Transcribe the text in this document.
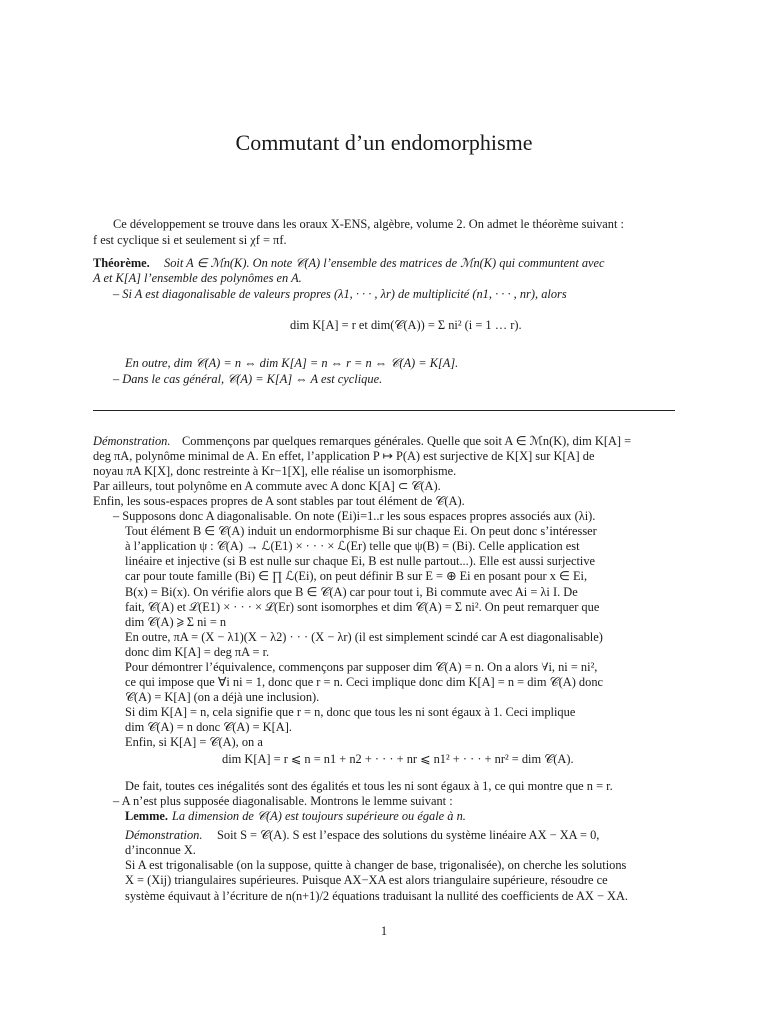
Commutant d’un endomorphisme
Ce développement se trouve dans les oraux X-ENS, algèbre, volume 2. On admet le théorème suivant :
f est cyclique si et seulement si χf = πf.
Théorème. Soit A ∈ ℳn(K). On note 𝒞(A) l’ensemble des matrices de ℳn(K) qui communtent avec
A et K[A] l’ensemble des polynômes en A.
– Si A est diagonalisable de valeurs propres (λ1, · · · , λr) de multiplicité (n1, · · · , nr), alors
dim K[A] = r et dim(𝒞(A)) = Σ ni² (i = 1 … r).
En outre, dim 𝒞(A) = n ⇔ dim K[A] = n ⇔ r = n ⇔ 𝒞(A) = K[A].
– Dans le cas général, 𝒞(A) = K[A] ⇔ A est cyclique.
Démonstration. Commençons par quelques remarques générales. Quelle que soit A ∈ ℳn(K), dim K[A] =
deg πA, polynôme minimal de A. En effet, l’application P ↦ P(A) est surjective de K[X] sur K[A] de
noyau πA K[X], donc restreinte à Kr−1[X], elle réalise un isomorphisme.
Par ailleurs, tout polynôme en A commute avec A donc K[A] ⊂ 𝒞(A).
Enfin, les sous-espaces propres de A sont stables par tout élément de 𝒞(A).
– Supposons donc A diagonalisable. On note (Ei)i=1..r les sous espaces propres associés aux (λi).
Tout élément B ∈ 𝒞(A) induit un endormorphisme Bi sur chaque Ei. On peut donc s’intéresser
à l’application ψ : 𝒞(A) → ℒ(E1) × · · · × ℒ(Er) telle que ψ(B) = (Bi). Celle application est
linéaire et injective (si B est nulle sur chaque Ei, B est nulle partout...). Elle est aussi surjective
car pour toute famille (Bi) ∈ ∏ ℒ(Ei), on peut définir B sur E = ⊕ Ei en posant pour x ∈ Ei,
B(x) = Bi(x). On vérifie alors que B ∈ 𝒞(A) car pour tout i, Bi commute avec Ai = λi I. De
fait, 𝒞(A) et ℒ(E1) × · · · × ℒ(Er) sont isomorphes et dim 𝒞(A) = Σ ni². On peut remarquer que
dim 𝒞(A) ⩾ Σ ni = n
En outre, πA = (X − λ1)(X − λ2) · · · (X − λr) (il est simplement scindé car A est diagonalisable)
donc dim K[A] = deg πA = r.
Pour démontrer l’équivalence, commençons par supposer dim 𝒞(A) = n. On a alors ∀i, ni = ni²,
ce qui impose que ∀i ni = 1, donc que r = n. Ceci implique donc dim K[A] = n = dim 𝒞(A) donc
𝒞(A) = K[A] (on a déjà une inclusion).
Si dim K[A] = n, cela signifie que r = n, donc que tous les ni sont égaux à 1. Ceci implique
dim 𝒞(A) = n donc 𝒞(A) = K[A].
Enfin, si K[A] = 𝒞(A), on a
dim K[A] = r ⩽ n = n1 + n2 + · · · + nr ⩽ n1² + · · · + nr² = dim 𝒞(A).
De fait, toutes ces inégalités sont des égalités et tous les ni sont égaux à 1, ce qui montre que n = r.
– A n’est plus supposée diagonalisable. Montrons le lemme suivant :
Lemme. La dimension de 𝒞(A) est toujours supérieure ou égale à n.
Démonstration. Soit S = 𝒞(A). S est l’espace des solutions du système linéaire AX − XA = 0,
d’inconnue X.
Si A est trigonalisable (on la suppose, quitte à changer de base, trigonalisée), on cherche les solutions
X = (Xij) triangulaires supérieures. Puisque AX−XA est alors triangulaire supérieure, résoudre ce
système équivaut à l’écriture de n(n+1)/2 équations traduisant la nullité des coefficients de AX − XA.
1
